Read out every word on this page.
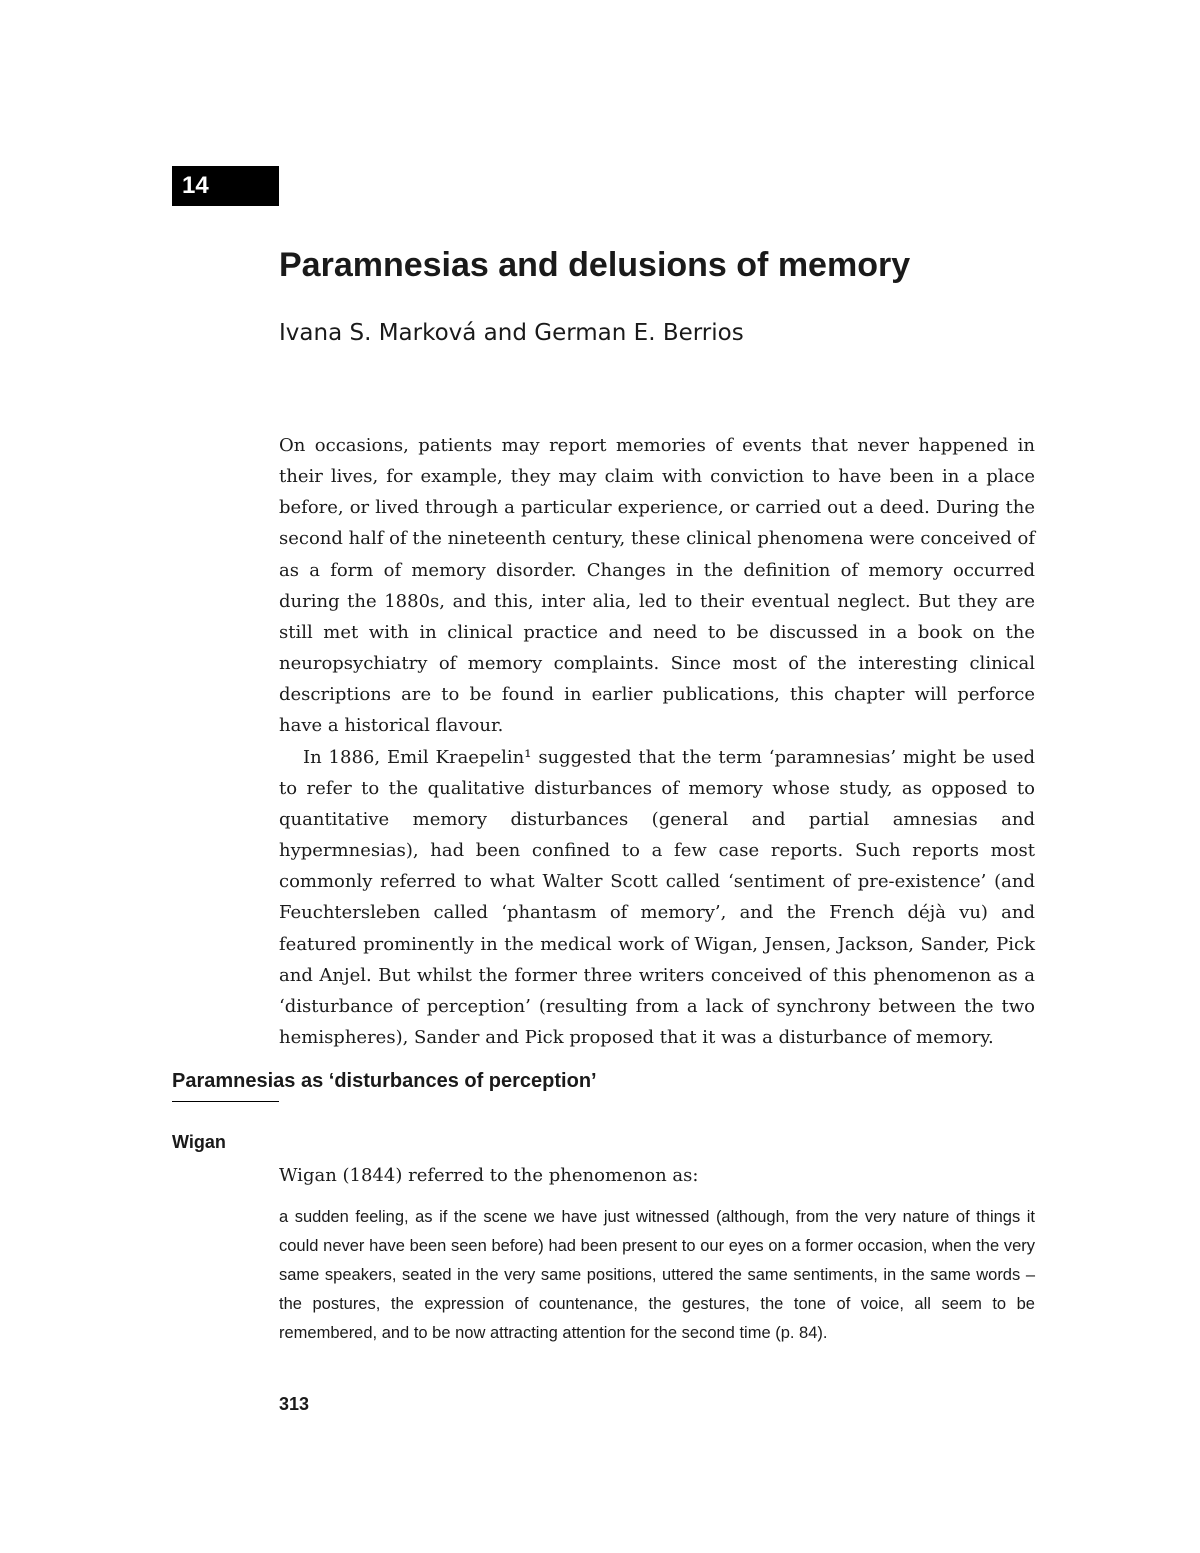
14
Paramnesias and delusions of memory
Ivana S. Marková and German E. Berrios

On occasions, patients may report memories of events that never happened in their lives, for example, they may claim with conviction to have been in a place before, or lived through a particular experience, or carried out a deed. During the second half of the nineteenth century, these clinical phenomena were conceived of as a form of memory disorder. Changes in the definition of memory occurred during the 1880s, and this, inter alia, led to their eventual neglect. But they are still met with in clinical practice and need to be discussed in a book on the neuropsychiatry of memory complaints. Since most of the interesting clinical descriptions are to be found in earlier publications, this chapter will perforce have a historical flavour.

In 1886, Emil Kraepelin¹ suggested that the term ‘paramnesias’ might be used to refer to the qualitative disturbances of memory whose study, as opposed to quantitative memory disturbances (general and partial amnesias and hypermnesias), had been confined to a few case reports. Such reports most commonly referred to what Walter Scott called ‘sentiment of pre-existence’ (and Feuchtersleben called ‘phantasm of memory’, and the French déjà vu) and featured prominently in the medical work of Wigan, Jensen, Jackson, Sander, Pick and Anjel. But whilst the former three writers conceived of this phenomenon as a ‘disturbance of perception’ (resulting from a lack of synchrony between the two hemispheres), Sander and Pick proposed that it was a disturbance of memory.

Paramnesias as ‘disturbances of perception’
Wigan

Wigan (1844) referred to the phenomenon as:

a sudden feeling, as if the scene we have just witnessed (although, from the very nature of things it could never have been seen before) had been present to our eyes on a former occasion, when the very same speakers, seated in the very same positions, uttered the same sentiments, in the same words – the postures, the expression of countenance, the gestures, the tone of voice, all seem to be remembered, and to be now attracting attention for the second time (p. 84).
313
